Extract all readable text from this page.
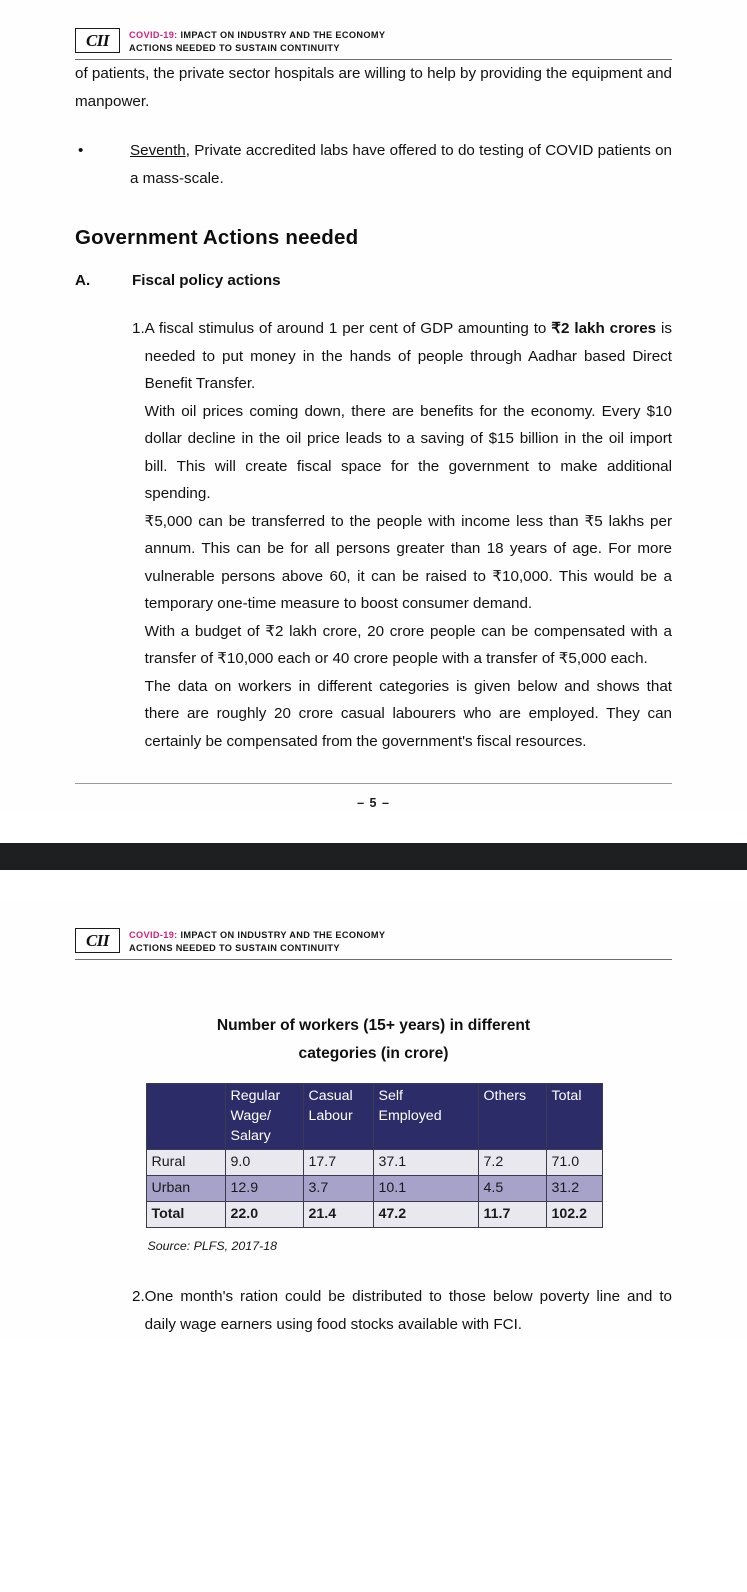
CII	COVID-19: IMPACT ON INDUSTRY AND THE ECONOMY
ACTIONS NEEDED TO SUSTAIN CONTINUITY

of patients, the private sector hospitals are willing to help by providing the equipment and manpower.

•	Seventh, Private accredited labs have offered to do testing of COVID patients on a mass-scale.

Government Actions needed
A.	Fiscal policy actions
1. A fiscal stimulus of around 1 per cent of GDP amounting to ₹2 lakh crores is needed to put money in the hands of people through Aadhar based Direct Benefit Transfer.

With oil prices coming down, there are benefits for the economy. Every $10 dollar decline in the oil price leads to a saving of $15 billion in the oil import bill. This will create fiscal space for the government to make additional spending.

₹5,000 can be transferred to the people with income less than ₹5 lakhs per annum. This can be for all persons greater than 18 years of age. For more vulnerable persons above 60, it can be raised to ₹10,000. This would be a temporary one-time measure to boost consumer demand.

With a budget of ₹2 lakh crore, 20 crore people can be compensated with a transfer of ₹10,000 each or 40 crore people with a transfer of ₹5,000 each.

The data on workers in different categories is given below and shows that there are roughly 20 crore casual labourers who are employed. They can certainly be compensated from the government's fiscal resources.

– 5 –
CII	COVID-19: IMPACT ON INDUSTRY AND THE ECONOMY
ACTIONS NEEDED TO SUSTAIN CONTINUITY
Number of workers (15+ years) in different
categories (in crore)
	Regular
Wage/
Salary	Casual
Labour	Self
Employed	Others	Total
Rural	9.0	17.7	37.1	7.2	71.0
Urban	12.9	3.7	10.1	4.5	31.2
Total	22.0	21.4	47.2	11.7	102.2
Source: PLFS, 2017-18
2. One month's ration could be distributed to those below poverty line and to daily wage earners using food stocks available with FCI.
